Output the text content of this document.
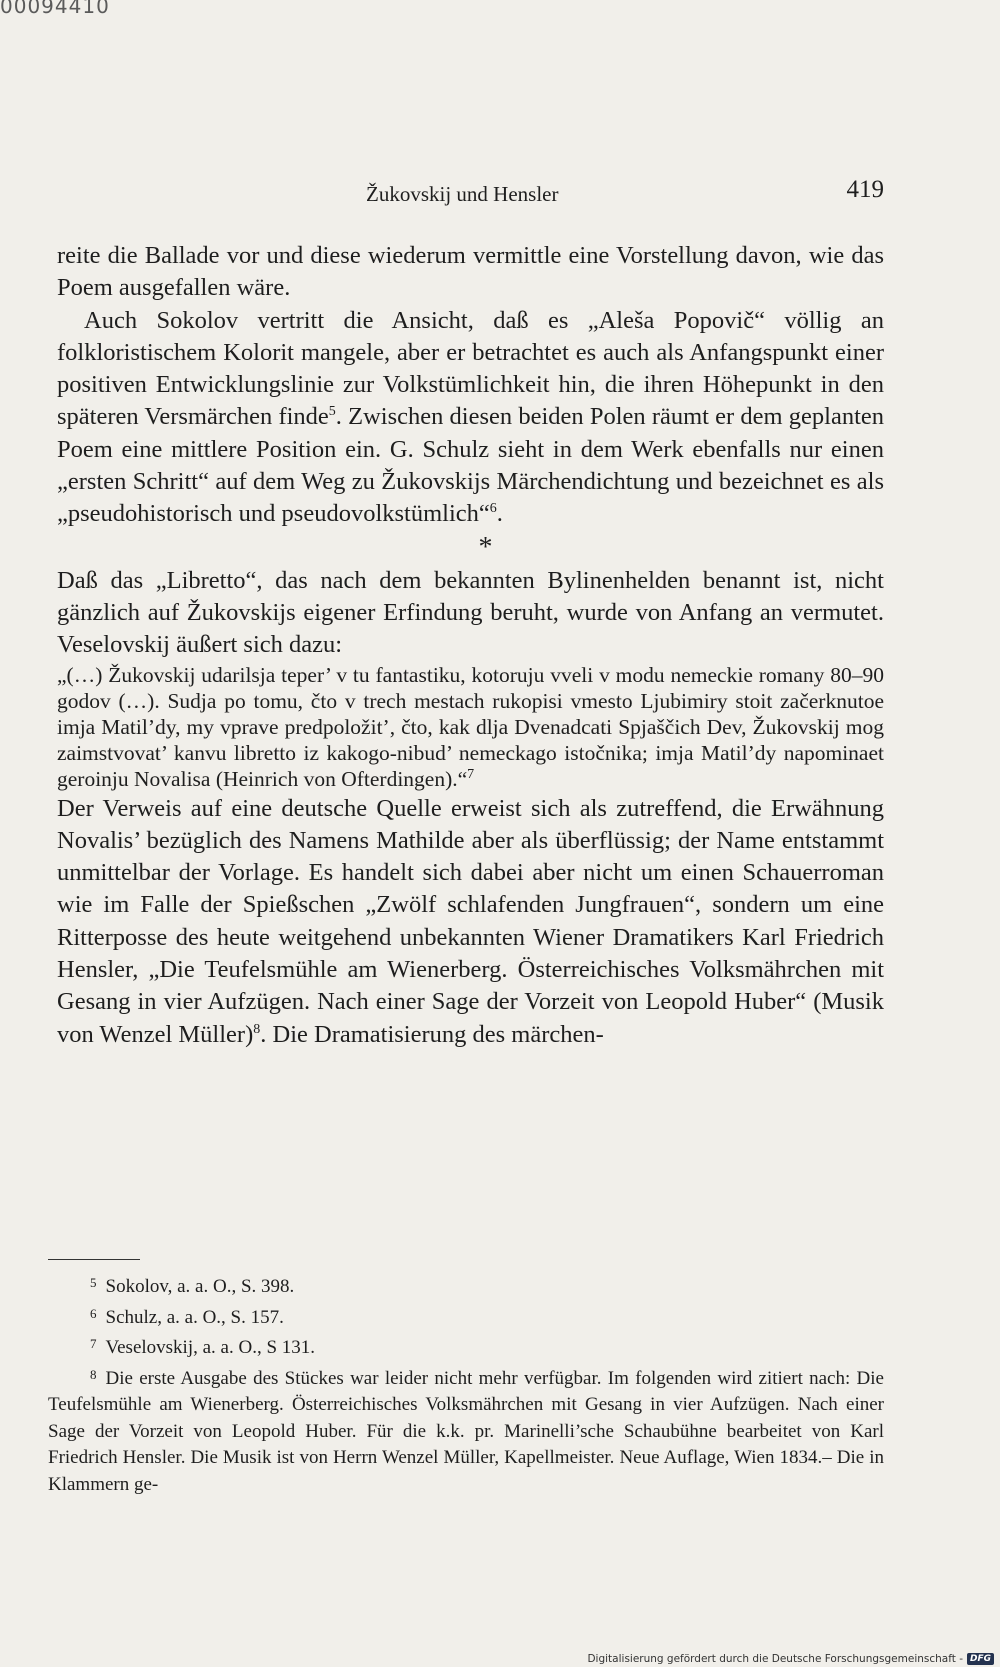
00094410
Žukovskij und Hensler	419

reite die Ballade vor und diese wiederum vermittle eine Vorstellung davon, wie das Poem ausgefallen wäre.

Auch Sokolov vertritt die Ansicht, daß es „Aleša Popovič“ völlig an folkloristischem Kolorit mangele, aber er betrachtet es auch als Anfangspunkt einer positiven Entwicklungslinie zur Volkstümlichkeit hin, die ihren Höhepunkt in den späteren Versmärchen finde$^5$. Zwischen diesen beiden Polen räumt er dem geplanten Poem eine mittlere Position ein. G. Schulz sieht in dem Werk ebenfalls nur einen „ersten Schritt“ auf dem Weg zu Žukovskijs Märchendichtung und bezeichnet es als „pseudohistorisch und pseudovolkstümlich“$^6$.

*

Daß das „Libretto“, das nach dem bekannten Bylinenhelden benannt ist, nicht gänzlich auf Žukovskijs eigener Erfindung beruht, wurde von Anfang an vermutet. Veselovskij äußert sich dazu:

„(…) Žukovskij udarilsja teper’ v tu fantastiku, kotoruju vveli v modu nemeckie romany 80–90 godov (…). Sudja po tomu, čto v trech mestach rukopisi vmesto Ljubimiry stoit začerknutoe imja Matil’dy, my vprave predpoložit’, čto, kak dlja Dvenadcati Spjaščich Dev, Žukovskij mog zaimstvovat’ kanvu libretto iz kakogo-nibud’ nemeckago istočnika; imja Matil’dy napominaet geroinju Novalisa (Heinrich von Ofterdingen).“$^7$

Der Verweis auf eine deutsche Quelle erweist sich als zutreffend, die Erwähnung Novalis’ bezüglich des Namens Mathilde aber als überflüssig; der Name entstammt unmittelbar der Vorlage. Es handelt sich dabei aber nicht um einen Schauerroman wie im Falle der Spießschen „Zwölf schlafenden Jungfrauen“, sondern um eine Ritterposse des heute weitgehend unbekannten Wiener Dramatikers Karl Friedrich Hensler, „Die Teufelsmühle am Wienerberg. Österreichisches Volksmährchen mit Gesang in vier Aufzügen. Nach einer Sage der Vorzeit von Leopold Huber“ (Musik von Wenzel Müller)$^8$. Die Dramatisierung des märchen-

$^5$ Sokolov, a. a. O., S. 398.
$^6$ Schulz, a. a. O., S. 157.
$^7$ Veselovskij, a. a. O., S 131.
$^8$ Die erste Ausgabe des Stückes war leider nicht mehr verfügbar. Im folgenden wird zitiert nach: Die Teufelsmühle am Wienerberg. Österreichisches Volksmährchen mit Gesang in vier Aufzügen. Nach einer Sage der Vorzeit von Leopold Huber. Für die k.k. pr. Marinelli’sche Schaubühne bearbeitet von Karl Friedrich Hensler. Die Musik ist von Herrn Wenzel Müller, Kapellmeister. Neue Auflage, Wien 1834.– Die in Klammern ge-
Digitalisierung gefördert durch die Deutsche Forschungsgemeinschaft - DFG
